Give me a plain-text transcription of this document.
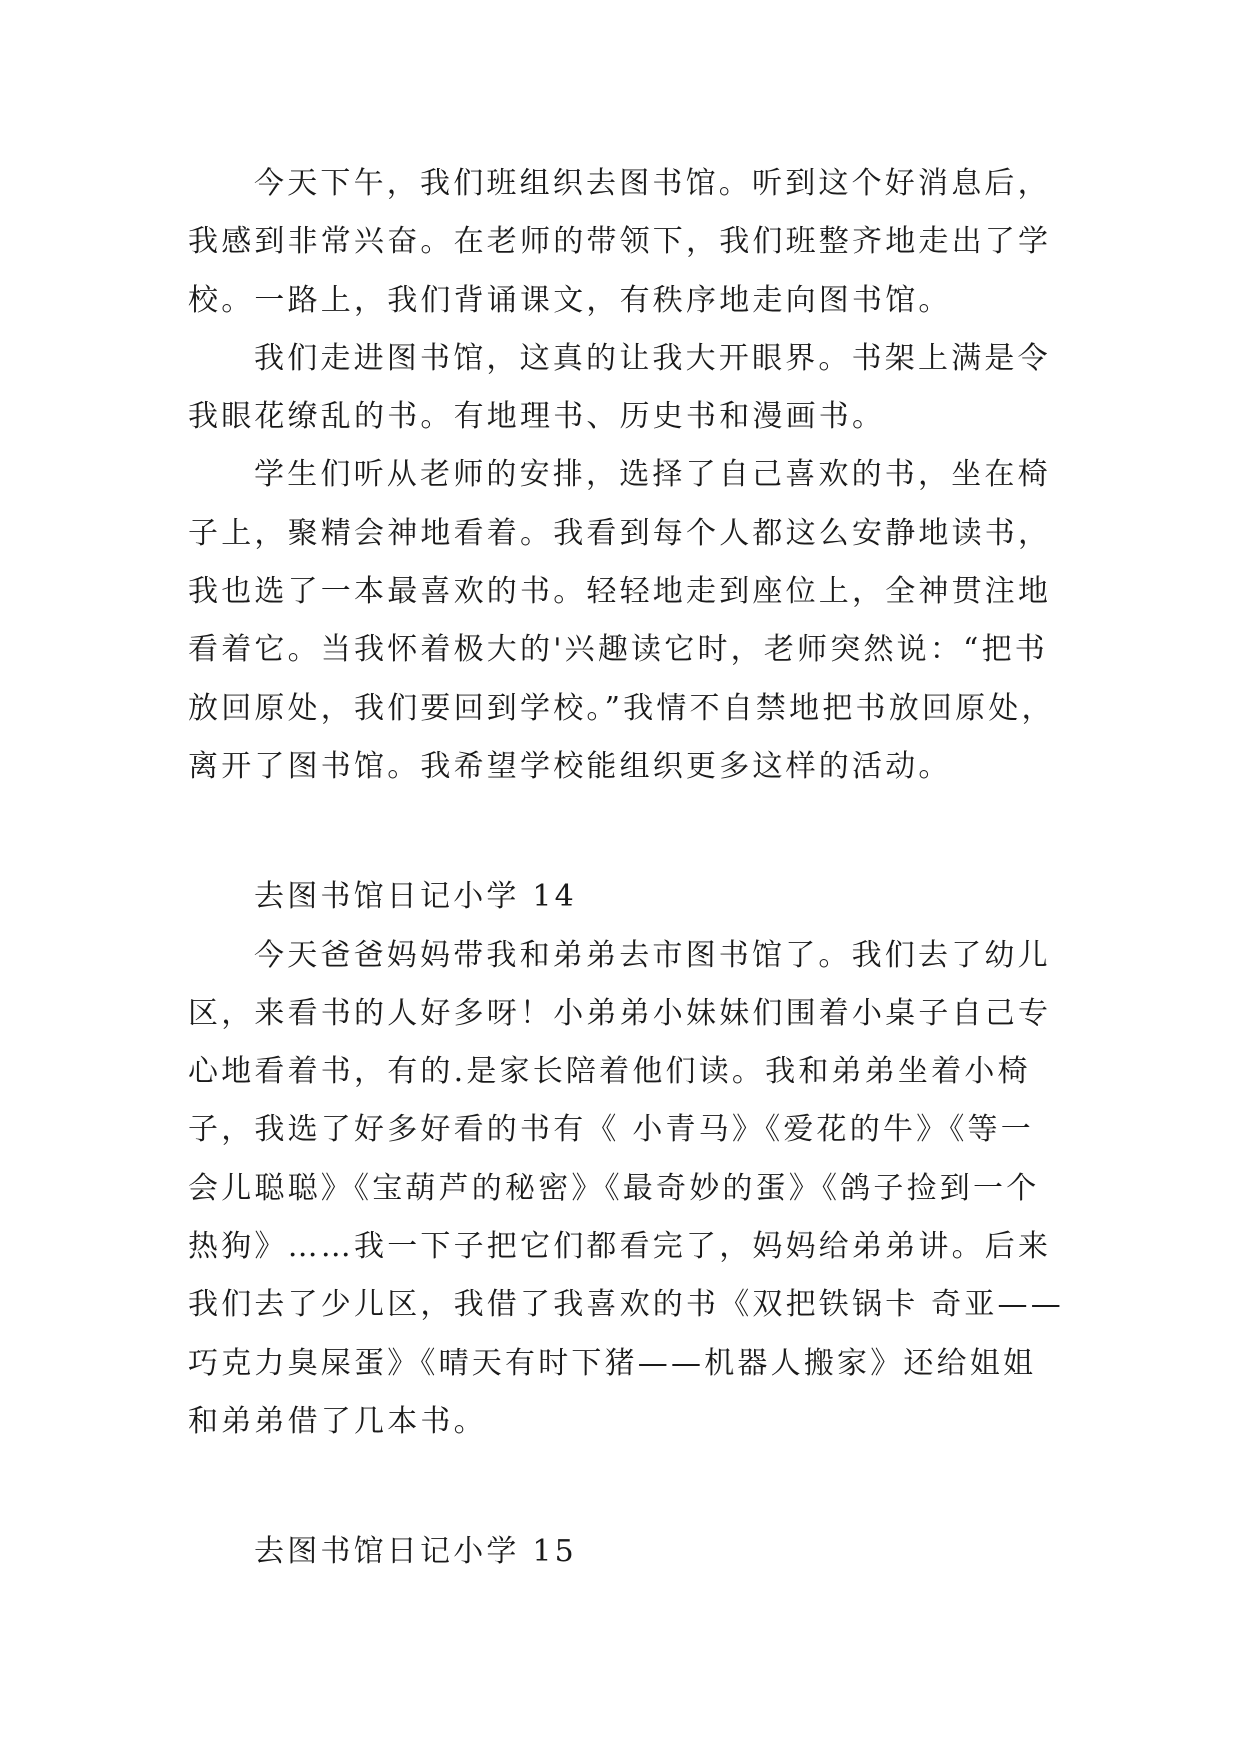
今天下午，我们班组织去图书馆。听到这个好消息后，
我感到非常兴奋。在老师的带领下，我们班整齐地走出了学
校。一路上，我们背诵课文，有秩序地走向图书馆。
我们走进图书馆，这真的让我大开眼界。书架上满是令
我眼花缭乱的书。有地理书、历史书和漫画书。
学生们听从老师的安排，选择了自己喜欢的书，坐在椅
子上，聚精会神地看着。我看到每个人都这么安静地读书，
我也选了一本最喜欢的书。轻轻地走到座位上，全神贯注地
看着它。当我怀着极大的'兴趣读它时，老师突然说：“把书
放回原处，我们要回到学校。”我情不自禁地把书放回原处，
离开了图书馆。我希望学校能组织更多这样的活动。
去图书馆日记小学 14
今天爸爸妈妈带我和弟弟去市图书馆了。我们去了幼儿
区，来看书的人好多呀！小弟弟小妹妹们围着小桌子自己专
心地看着书，有的.是家长陪着他们读。我和弟弟坐着小椅
子，我选了好多好看的书有《 小青马》《爱花的牛》《等一
会儿聪聪》《宝葫芦的秘密》《最奇妙的蛋》《鸽子捡到一个
热狗》……我一下子把它们都看完了，妈妈给弟弟讲。后来
我们去了少儿区，我借了我喜欢的书《双把铁锅卡 奇亚——
巧克力臭屎蛋》《晴天有时下猪——机器人搬家》还给姐姐
和弟弟借了几本书。
去图书馆日记小学 15
